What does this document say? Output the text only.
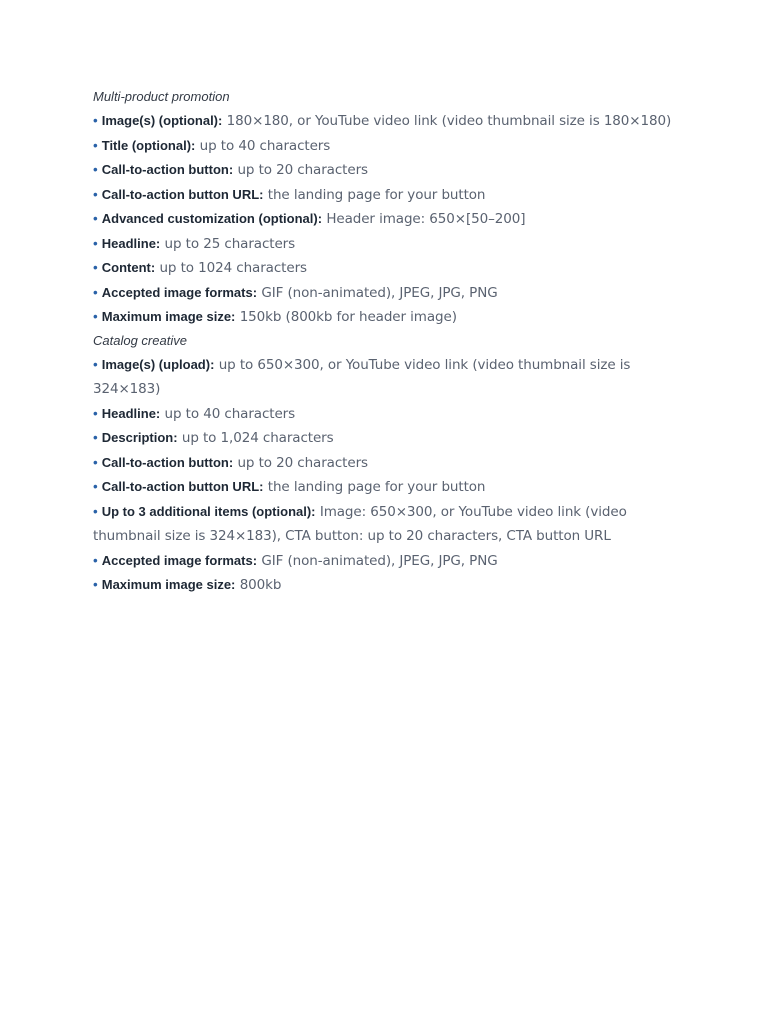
Multi-product promotion
• Image(s) (optional): 180×180, or YouTube video link (video thumbnail size is 180×180)
• Title (optional): up to 40 characters
• Call-to-action button: up to 20 characters
• Call-to-action button URL: the landing page for your button
• Advanced customization (optional): Header image: 650×[50–200]
• Headline: up to 25 characters
• Content: up to 1024 characters
• Accepted image formats: GIF (non-animated), JPEG, JPG, PNG
• Maximum image size: 150kb (800kb for header image)
Catalog creative
• Image(s) (upload): up to 650×300, or YouTube video link (video thumbnail size is 324×183)
• Headline: up to 40 characters
• Description: up to 1,024 characters
• Call-to-action button: up to 20 characters
• Call-to-action button URL: the landing page for your button
• Up to 3 additional items (optional): Image: 650×300, or YouTube video link (video thumbnail size is 324×183), CTA button: up to 20 characters, CTA button URL
• Accepted image formats: GIF (non-animated), JPEG, JPG, PNG
• Maximum image size: 800kb
